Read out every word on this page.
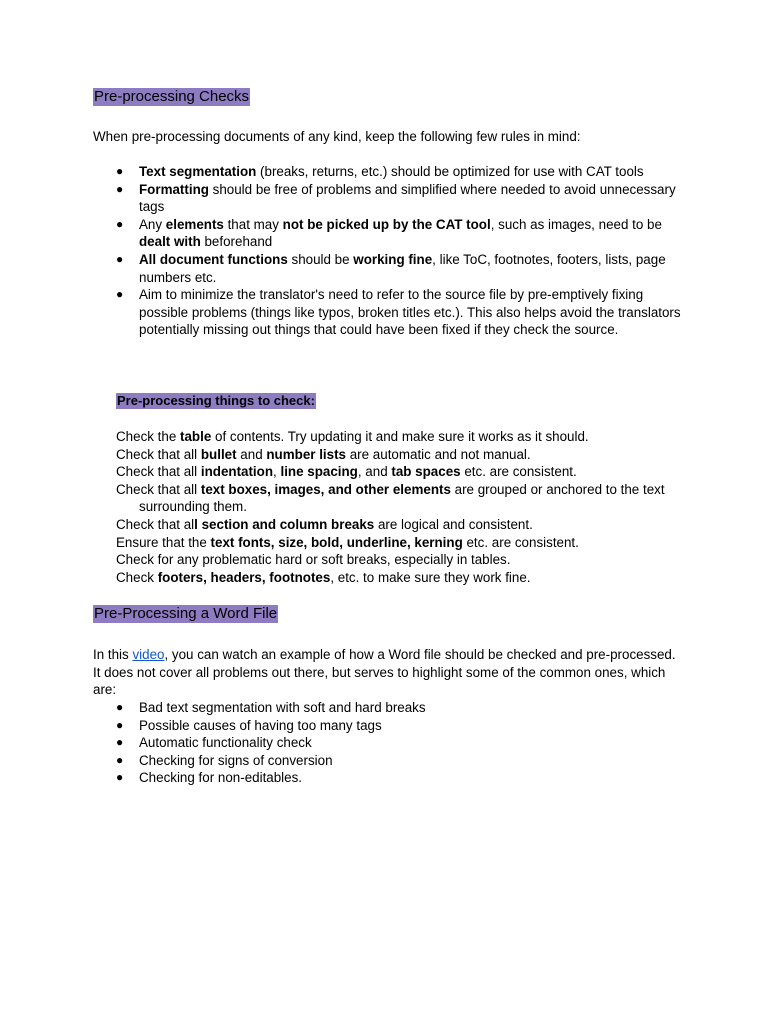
Pre-processing Checks

When pre-processing documents of any kind, keep the following few rules in mind:

● Text segmentation (breaks, returns, etc.) should be optimized for use with CAT tools
● Formatting should be free of problems and simplified where needed to avoid unnecessary tags
● Any elements that may not be picked up by the CAT tool, such as images, need to be dealt with beforehand
● All document functions should be working fine, like ToC, footnotes, footers, lists, page numbers etc.
● Aim to minimize the translator's need to refer to the source file by pre-emptively fixing possible problems (things like typos, broken titles etc.). This also helps avoid the translators potentially missing out things that could have been fixed if they check the source.
Pre-processing things to check:
Check the table of contents. Try updating it and make sure it works as it should.
Check that all bullet and number lists are automatic and not manual.
Check that all indentation, line spacing, and tab spaces etc. are consistent.
Check that all text boxes, images, and other elements are grouped or anchored to the text surrounding them.
Check that all section and column breaks are logical and consistent.
Ensure that the text fonts, size, bold, underline, kerning etc. are consistent.
Check for any problematic hard or soft breaks, especially in tables.
Check footers, headers, footnotes, etc. to make sure they work fine.
Pre-Processing a Word File

In this video, you can watch an example of how a Word file should be checked and pre-processed. It does not cover all problems out there, but serves to highlight some of the common ones, which are:

● Bad text segmentation with soft and hard breaks
● Possible causes of having too many tags
● Automatic functionality check
● Checking for signs of conversion
● Checking for non-editables.
